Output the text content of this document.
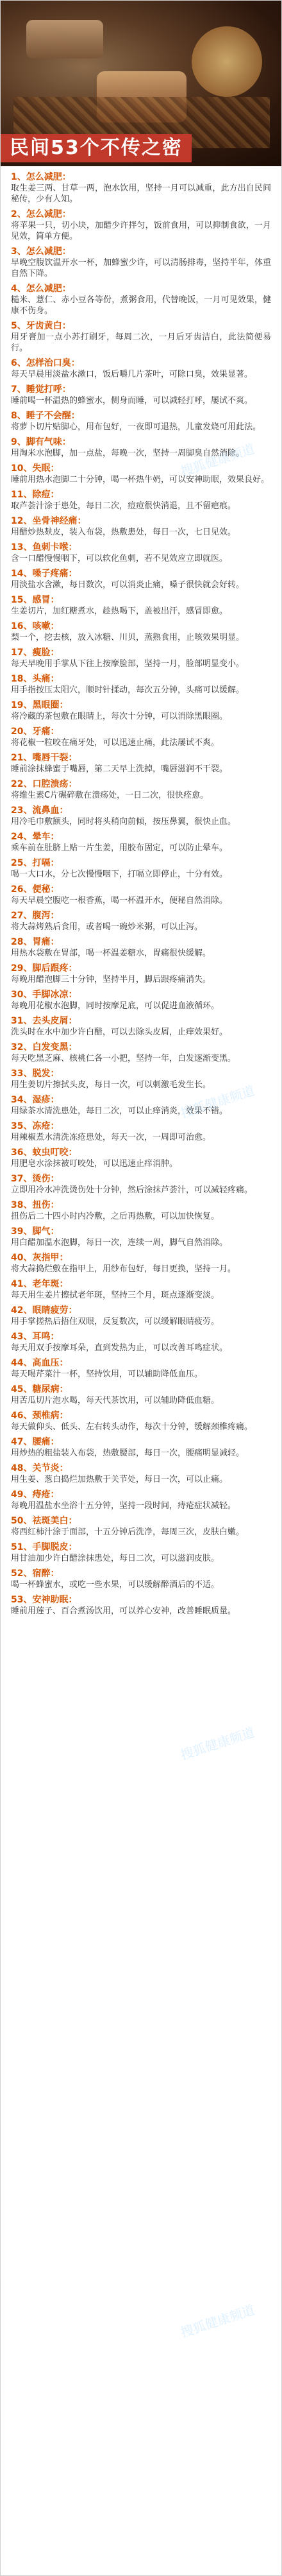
民间53个不传之密
1、怎么减肥：
取生姜三两、甘草一两，泡水饮用，坚持一月可以减重，此方出自民间秘传，少有人知。
2、怎么减肥：
将苹果一只，切小块，加醋少许拌匀，饭前食用，可以抑制食欲，一月见效，简单方便。
3、怎么减肥：
早晚空腹饮温开水一杯，加蜂蜜少许，可以清肠排毒，坚持半年，体重自然下降。
4、怎么减肥：
糙米、薏仁、赤小豆各等份，煮粥食用，代替晚饭，一月可见效果，健康不伤身。
5、牙齿黄白：
用牙膏加一点小苏打刷牙，每周二次，一月后牙齿洁白，此法简便易行。
6、怎样治口臭：
每天早晨用淡盐水漱口，饭后嚼几片茶叶，可除口臭，效果显著。
7、睡觉打呼：
睡前喝一杯温热的蜂蜜水，侧身而睡，可以减轻打呼，屡试不爽。
8、睡子不会醒：
将萝卜切片贴脚心，用布包好，一夜即可退热，儿童发烧可用此法。
9、脚有气味：
用淘米水泡脚，加一点盐，每晚一次，坚持一周脚臭自然消除。
10、失眠：
睡前用热水泡脚二十分钟，喝一杯热牛奶，可以安神助眠，效果良好。
11、除痘：
取芦荟汁涂于患处，每日二次，痘痘很快消退，且不留疤痕。
12、坐骨神经痛：
用醋炒热麸皮，装入布袋，热敷患处，每日一次，七日见效。
13、鱼刺卡喉：
含一口醋慢慢咽下，可以软化鱼刺，若不见效应立即就医。
14、嗓子疼痛：
用淡盐水含漱，每日数次，可以消炎止痛，嗓子很快就会好转。
15、感冒：
生姜切片，加红糖煮水，趁热喝下，盖被出汗，感冒即愈。
16、咳嗽：
梨一个，挖去核，放入冰糖、川贝，蒸熟食用，止咳效果明显。
17、瘦脸：
每天早晚用手掌从下往上按摩脸部，坚持一月，脸部明显变小。
18、头痛：
用手指按压太阳穴，顺时针揉动，每次五分钟，头痛可以缓解。
19、黑眼圈：
将冷藏的茶包敷在眼睛上，每次十分钟，可以消除黑眼圈。
20、牙痛：
将花椒一粒咬在痛牙处，可以迅速止痛，此法屡试不爽。
21、嘴唇干裂：
睡前涂抹蜂蜜于嘴唇，第二天早上洗掉，嘴唇滋润不干裂。
22、口腔溃疡：
将维生素C片碾碎敷在溃疡处，一日二次，很快痊愈。
23、流鼻血：
用冷毛巾敷额头，同时将头稍向前倾，按压鼻翼，很快止血。
24、晕车：
乘车前在肚脐上贴一片生姜，用胶布固定，可以防止晕车。
25、打嗝：
喝一大口水，分七次慢慢咽下，打嗝立即停止，十分有效。
26、便秘：
每天早晨空腹吃一根香蕉，喝一杯温开水，便秘自然消除。
27、腹泻：
将大蒜烤熟后食用，或者喝一碗炒米粥，可以止泻。
28、胃痛：
用热水袋敷在胃部，喝一杯温姜糖水，胃痛很快缓解。
29、脚后跟疼：
每晚用醋泡脚三十分钟，坚持半月，脚后跟疼痛消失。
30、手脚冰凉：
每晚用花椒水泡脚，同时按摩足底，可以促进血液循环。
31、去头皮屑：
洗头时在水中加少许白醋，可以去除头皮屑，止痒效果好。
32、白发变黑：
每天吃黑芝麻、核桃仁各一小把，坚持一年，白发逐渐变黑。
33、脱发：
用生姜切片擦拭头皮，每日一次，可以刺激毛发生长。
34、湿疹：
用绿茶水清洗患处，每日二次，可以止痒消炎，效果不错。
35、冻疮：
用辣椒煮水清洗冻疮患处，每天一次，一周即可治愈。
36、蚊虫叮咬：
用肥皂水涂抹被叮咬处，可以迅速止痒消肿。
37、烫伤：
立即用冷水冲洗烫伤处十分钟，然后涂抹芦荟汁，可以减轻疼痛。
38、扭伤：
扭伤后二十四小时内冷敷，之后再热敷，可以加快恢复。
39、脚气：
用白醋加温水泡脚，每日一次，连续一周，脚气自然消除。
40、灰指甲：
将大蒜捣烂敷在指甲上，用纱布包好，每日更换，坚持一月。
41、老年斑：
每天用生姜片擦拭老年斑，坚持三个月，斑点逐渐变淡。
42、眼睛疲劳：
用手掌搓热后捂住双眼，反复数次，可以缓解眼睛疲劳。
43、耳鸣：
每天用双手按摩耳朵，直到发热为止，可以改善耳鸣症状。
44、高血压：
每天喝芹菜汁一杯，坚持饮用，可以辅助降低血压。
45、糖尿病：
用苦瓜切片泡水喝，每天代茶饮用，可以辅助降低血糖。
46、颈椎病：
每天做仰头、低头、左右转头动作，每次十分钟，缓解颈椎疼痛。
47、腰痛：
用炒热的粗盐装入布袋，热敷腰部，每日一次，腰痛明显减轻。
48、关节炎：
用生姜、葱白捣烂加热敷于关节处，每日一次，可以止痛。
49、痔疮：
每晚用温盐水坐浴十五分钟，坚持一段时间，痔疮症状减轻。
50、祛斑美白：
将西红柿汁涂于面部，十五分钟后洗净，每周三次，皮肤白嫩。
51、手脚脱皮：
用甘油加少许白醋涂抹患处，每日二次，可以滋润皮肤。
52、宿醉：
喝一杯蜂蜜水，或吃一些水果，可以缓解醉酒后的不适。
53、安神助眠：
睡前用莲子、百合煮汤饮用，可以养心安神，改善睡眠质量。
搜狐健康频道
搜狐健康频道
搜狐健康频道
搜狐健康频道
